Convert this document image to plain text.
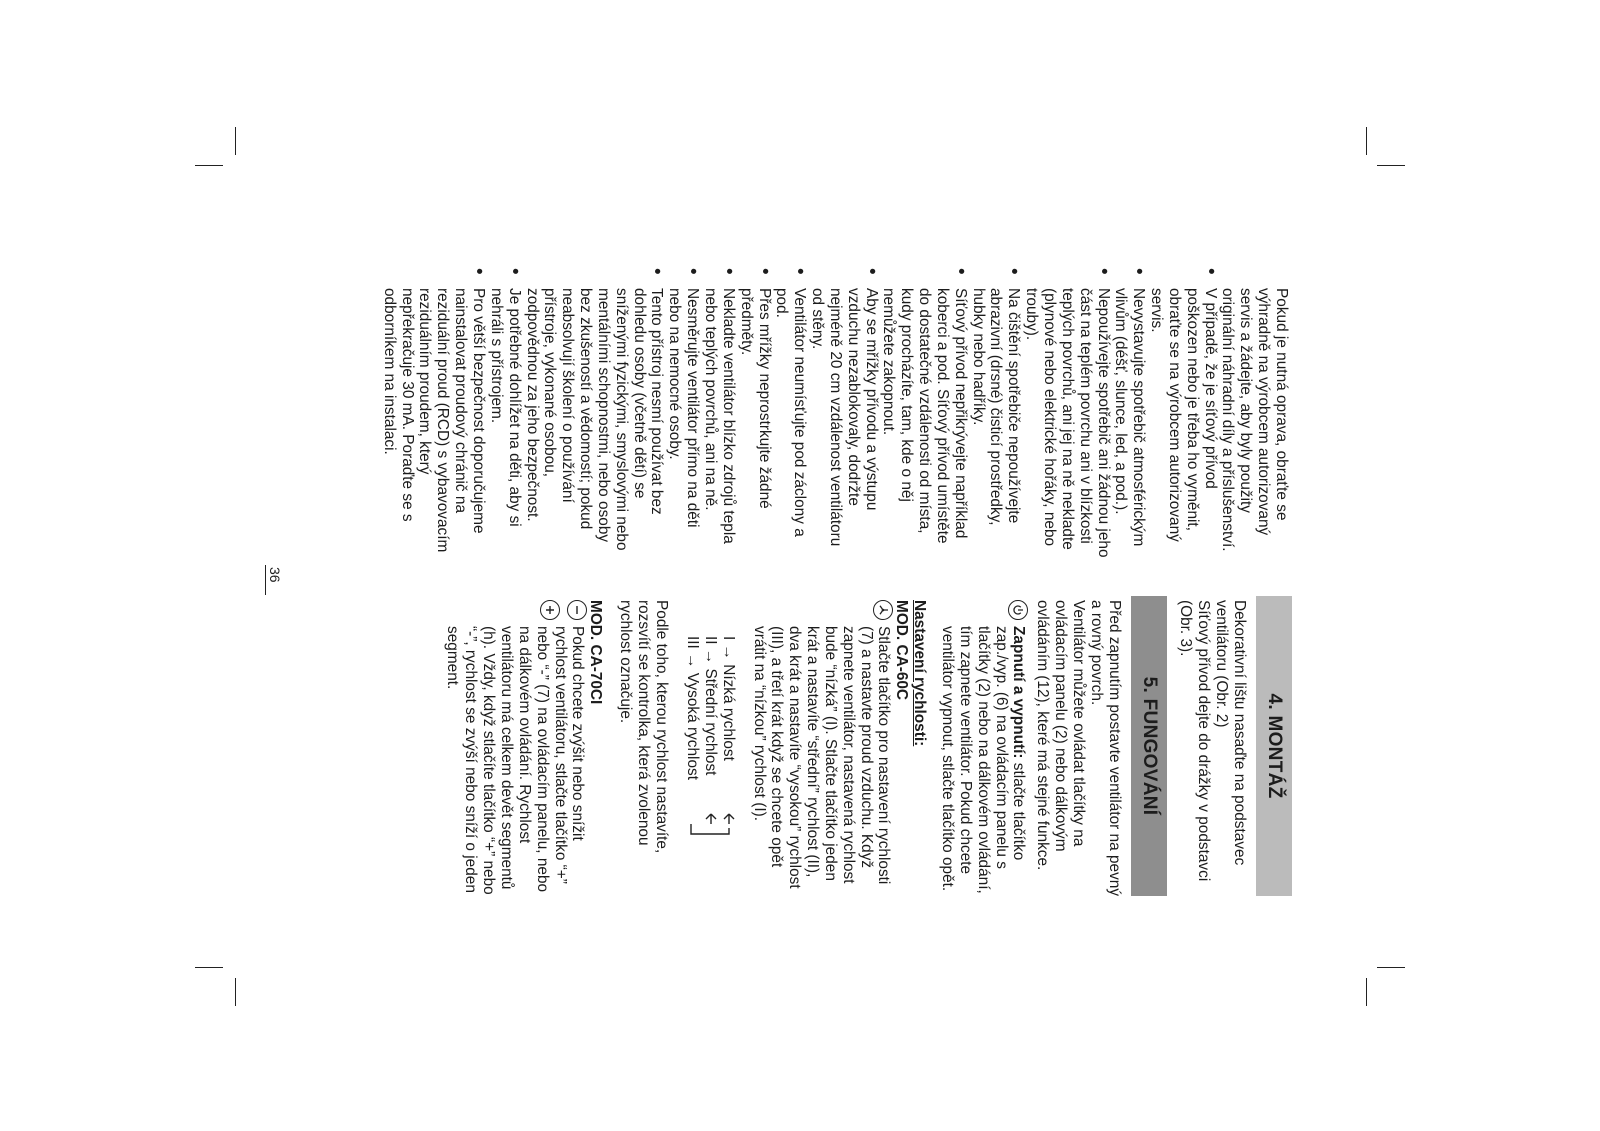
36

Pokud je nutná oprava, obraťte se výhradně na výrobcem autorizovaný servis a žádejte, aby byly použity originální náhradní díly a příslušenství.

• V případě, že je síťový přívod poškozen nebo je třeba ho vyměnit, obraťte se na výrobcem autorizovaný servis.
• Nevystavujte spotřebič atmosférickým vlivům (déšť, slunce, led, a pod.).
• Nepoužívejte spotřebič ani žádnou jeho část na teplém povrchu ani v blízkosti teplých povrchů, ani jej na ně nekladte (plynové nebo elektrické hořáky, nebo trouby).
• Na čištění spotřebiče nepoužívejte abrazivní (drsné) čisticí prostředky, hubky nebo hadříky.
• Síťový přívod nepřikrývejte například koberci a pod. Síťový přívod umístěte do dostatečné vzdálenosti od místa, kudy procházíte, tam, kde o něj nemůžete zakopnout.
• Aby se mřížky přívodu a výstupu vzduchu nezablokovaly, dodržte nejméně 20 cm vzdálenost ventilátoru od stěny.
• Ventilátor neumísťujte pod záclony a pod.
• Přes mřížky neprostrkujte žádné předměty.
• Nekladte ventilátor blízko zdrojů tepla nebo teplých povrchů, ani na ně.
• Nesměrujte ventilátor přímo na děti nebo na nemocné osoby.
• Tento přístroj nesmí používat bez dohledu osoby (včetně dětí) se sníženými fyzickými, smyslovými nebo mentálními schopnostmi, nebo osoby bez zkušeností a vědomostí; pokud neabsolvují školení o používání přístroje, vykonané osobou, zodpovědnou za jeho bezpečnost.
• Je potřebné dohlížet na děti, aby si nehráli s přístrojem.
• Pro větší bezpečnost doporučujeme nainstalovat proudový chránič na reziduální proud (RCD) s vybavovacím reziduálním proudem, který nepřekračuje 30 mA. Poraďte se s odborníkem na instalaci.
4. MONTÁŽ

Dekorativní lištu nasaďte na podstavec ventilátoru (Obr. 2)

Síťový přívod dejte do drážky v podstavci (Obr. 3).

5. FUNGOVÁNÍ

Před zapnutím postavte ventilátor na pevný a rovný povrch.

Ventilátor můžete ovládat tlačítky na ovládacím panelu (2) nebo dálkovým ovládáním (12), které má stejné funkce.

Zapnutí a vypnutí: stlačte tlačítko zap./vyp. (6) na ovládacím panelu s tlačítky (2) nebo na dálkovém ovládání, tím zapnete ventilátor. Pokud chcete ventilátor vypnout, stlačte tlačítko opět.

Nastavení rychlosti:

MOD. CA-60C

Stlačte tlačítko pro nastavení rychlosti (7) a nastavte proud vzduchu. Když zapnete ventilátor, nastavená rychlost bude “nízká” (I). Stlačte tlačítko jeden krát a nastavíte “střední” rychlost (II), dva krát a nastavíte “vysokou” rychlost (III), a třetí krát když se chcete opět vrátit na “nízkou” rychlost (I).

I → Nízká rychlost
II → Střední rychlost
III → Vysoká rychlost

Podle toho, kterou rychlost nastavíte, rozsvítí se kontrolka, která zvolenou rychlost označuje.

MOD. CA-70CI

Pokud chcete zvýšit nebo snížit rychlost ventilátoru, stlačte tlačítko “+” nebo “-” (7) na ovládacím panelu, nebo na dálkovém ovládání. Rychlost ventilátoru má celkem devět segmentů (h). Vždy, když stlačíte tlačítko “+” nebo “-”, rychlost se zvýší nebo sníží o jeden segment.
